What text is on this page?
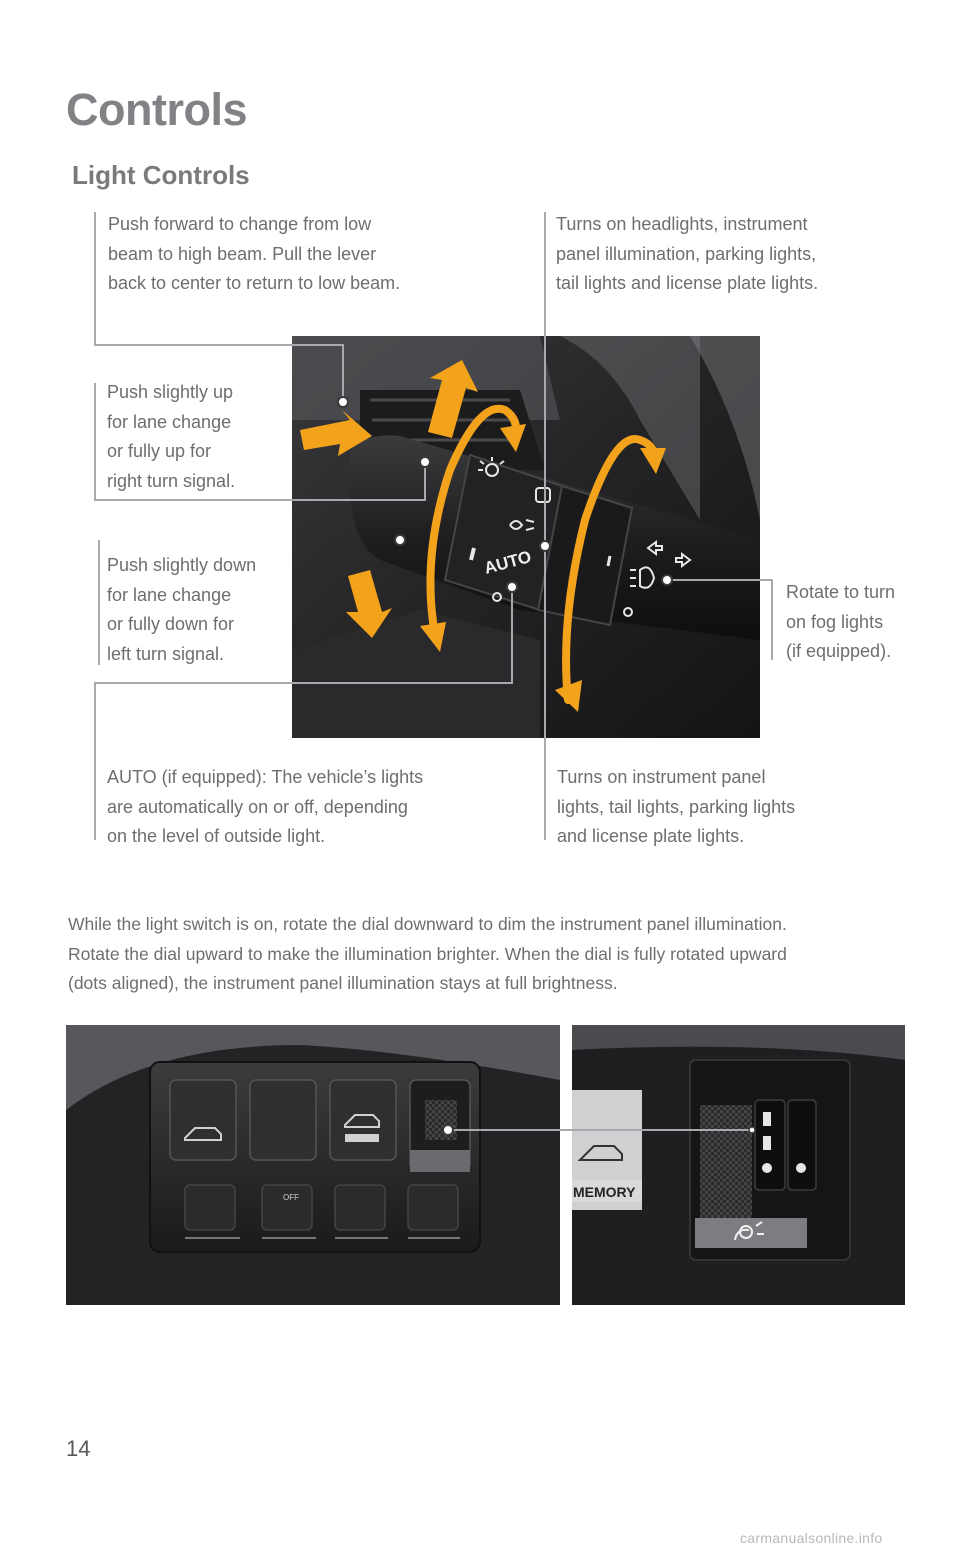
Controls
Light Controls
Push forward to change from low
beam to high beam. Pull the lever
back to center to return to low beam.
Turns on headlights, instrument
panel illumination, parking lights,
tail lights and license plate lights.
Push slightly up
for lane change
or fully up for
right turn signal.
Push slightly down
for lane change
or fully down for
left turn signal.
Rotate to turn
on fog lights
(if equipped).
AUTO (if equipped): The vehicle’s lights
are automatically on or off, depending
on the level of outside light.
Turns on instrument panel
lights, tail lights, parking lights
and license plate lights.
While the light switch is on, rotate the dial downward to dim the instrument panel illumination.
Rotate the dial upward to make the illumination brighter. When the dial is fully rotated upward
(dots aligned), the instrument panel illumination stays at full brightness.
AUTO
OFF	MEMORY
14
carmanualsonline.info
